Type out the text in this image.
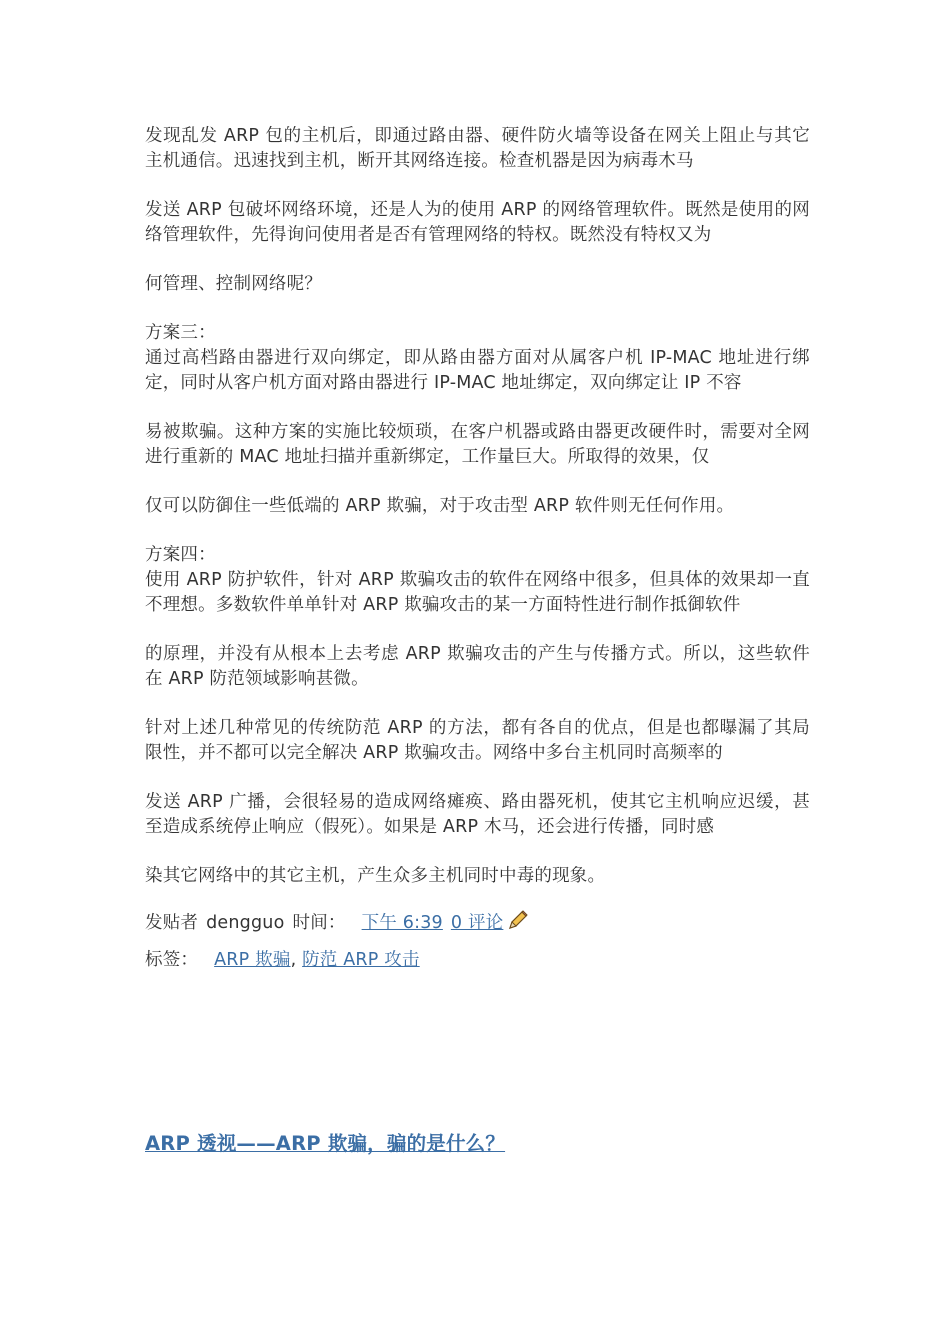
发现乱发 ARP 包的主机后，即通过路由器、硬件防火墙等设备在网关上阻止与其它主机通信。迅速找到主机，断开其网络连接。检查机器是因为病毒木马

发送 ARP 包破坏网络环境，还是人为的使用 ARP 的网络管理软件。既然是使用的网络管理软件，先得询问使用者是否有管理网络的特权。既然没有特权又为

何管理、控制网络呢？

方案三：

通过高档路由器进行双向绑定，即从路由器方面对从属客户机 IP-MAC 地址进行绑定，同时从客户机方面对路由器进行 IP-MAC 地址绑定，双向绑定让 IP 不容

易被欺骗。这种方案的实施比较烦琐，在客户机器或路由器更改硬件时，需要对全网进行重新的 MAC 地址扫描并重新绑定，工作量巨大。所取得的效果，仅

仅可以防御住一些低端的 ARP 欺骗，对于攻击型 ARP 软件则无任何作用。

方案四：

使用 ARP 防护软件，针对 ARP 欺骗攻击的软件在网络中很多，但具体的效果却一直不理想。多数软件单单针对 ARP 欺骗攻击的某一方面特性进行制作抵御软件

的原理，并没有从根本上去考虑 ARP 欺骗攻击的产生与传播方式。所以，这些软件在 ARP 防范领域影响甚微。

针对上述几种常见的传统防范 ARP 的方法，都有各自的优点，但是也都曝漏了其局限性，并不都可以完全解决 ARP 欺骗攻击。网络中多台主机同时高频率的

发送 ARP 广播，会很轻易的造成网络瘫痪、路由器死机，使其它主机响应迟缓，甚至造成系统停止响应（假死）。如果是 ARP 木马，还会进行传播，同时感

染其它网络中的其它主机，产生众多主机同时中毒的现象。

发贴者 dengguo 时间： 下午 6:39 0 评论

标签： ARP 欺骗, 防范 ARP 攻击

ARP 透视——ARP 欺骗，骗的是什么？
